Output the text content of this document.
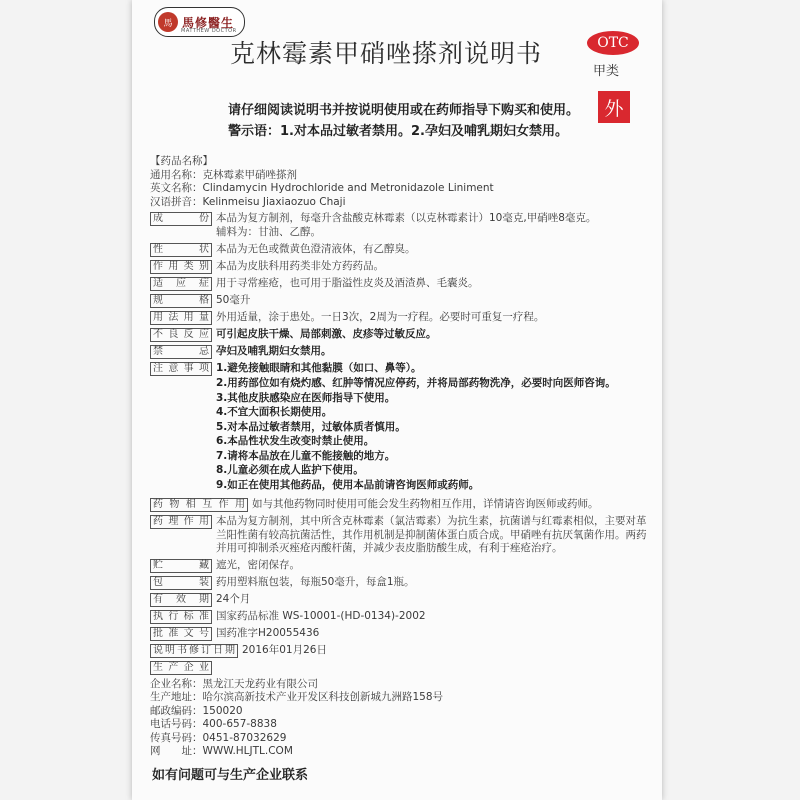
馬 馬修醫生
MATTHEW DOCTOR
克林霉素甲硝唑搽剂说明书	OTC
甲类
外
请仔细阅读说明书并按说明使用或在药师指导下购买和使用。
警示语：1.对本品过敏者禁用。2.孕妇及哺乳期妇女禁用。
【药品名称】
通用名称： 克林霉素甲硝唑搽剂
英文名称： Clindamycin Hydrochloride and Metronidazole Liniment
汉语拼音： Kelinmeisu Jiaxiaozuo Chaji
成　　份 本品为复方制剂，每毫升含盐酸克林霉素（以克林霉素计）10毫克,甲硝唑8毫克。
辅料为：甘油、乙醇。
性　　状 本品为无色或微黄色澄清液体，有乙醇臭。
作用类别 本品为皮肤科用药类非处方药药品。
适 应 症 用于寻常痤疮，也可用于脂溢性皮炎及酒渣鼻、毛囊炎。
规　　格 50毫升
用法用量 外用适量，涂于患处。一日3次，2周为一疗程。必要时可重复一疗程。
不良反应 可引起皮肤干燥、局部刺激、皮疹等过敏反应。
禁　　忌 孕妇及哺乳期妇女禁用。
注意事项 1.避免接触眼睛和其他黏膜（如口、鼻等）。
2.用药部位如有烧灼感、红肿等情况应停药，并将局部药物洗净，必要时向医师咨询。
3.其他皮肤感染应在医师指导下使用。
4.不宜大面积长期使用。
5.对本品过敏者禁用，过敏体质者慎用。
6.本品性状发生改变时禁止使用。
7.请将本品放在儿童不能接触的地方。
8.儿童必须在成人监护下使用。
9.如正在使用其他药品，使用本品前请咨询医师或药师。
药物相互作用 如与其他药物同时使用可能会发生药物相互作用，详情请咨询医师或药师。
药理作用 本品为复方制剂，其中所含克林霉素（氯洁霉素）为抗生素，抗菌谱与红霉素相似，主要对革兰阳性菌有较高抗菌活性，其作用机制是抑制菌体蛋白质合成。甲硝唑有抗厌氧菌作用。两药并用可抑制杀灭痤疮丙酸杆菌，并减少表皮脂肪酸生成，有利于痤疮治疗。
贮　　藏 遮光，密闭保存。
包　　装 药用塑料瓶包装，每瓶50毫升，每盒1瓶。
有 效 期 24个月
执行标准 国家药品标准 WS-10001-(HD-0134)-2002
批准文号 国药准字H20055436
说明书修订日期 2016年01月26日
生产企业
企业名称： 黑龙江天龙药业有限公司
生产地址： 哈尔滨高新技术产业开发区科技创新城九洲路158号
邮政编码： 150020
电话号码： 400-657-8838
传真号码： 0451-87032629
网　　址： WWW.HLJTL.COM
如有问题可与生产企业联系
